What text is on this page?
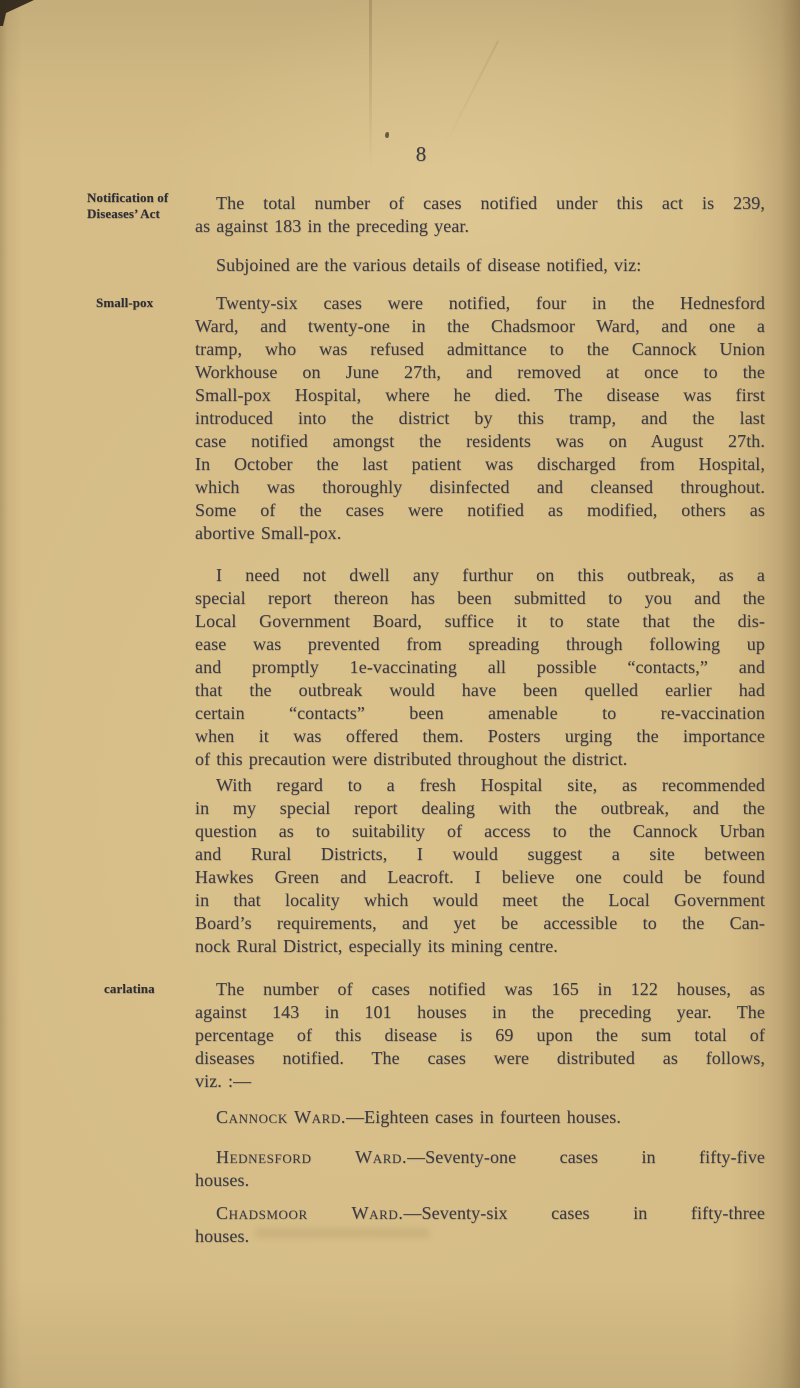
8
Notification of
Diseases’ Act
Small-pox
carlatina
The total number of cases notified under this act is 239,
as against 183 in the preceding year.
Subjoined are the various details of disease notified, viz:
Twenty-six cases were notified, four in the Hednesford
Ward, and twenty-one in the Chadsmoor Ward, and one a
tramp, who was refused admittance to the Cannock Union
Workhouse on June 27th, and removed at once to the
Small-pox Hospital, where he died. The disease was first
introduced into the district by this tramp, and the last
case notified amongst the residents was on August 27th.
In October the last patient was discharged from Hospital,
which was thoroughly disinfected and cleansed throughout.
Some of the cases were notified as modified, others as
abortive Small-pox.
I need not dwell any furthur on this outbreak, as a
special report thereon has been submitted to you and the
Local Government Board, suffice it to state that the dis-
ease was prevented from spreading through following up
and promptly 1e-vaccinating all possible “contacts,” and
that the outbreak would have been quelled earlier had
certain “contacts” been amenable to re-vaccination
when it was offered them. Posters urging the importance
of this precaution were distributed throughout the district.
With regard to a fresh Hospital site, as recommended
in my special report dealing with the outbreak, and the
question as to suitability of access to the Cannock Urban
and Rural Districts, I would suggest a site between
Hawkes Green and Leacroft. I believe one could be found
in that locality which would meet the Local Government
Board’s requirements, and yet be accessible to the Can-
nock Rural District, especially its mining centre.
The number of cases notified was 165 in 122 houses, as
against 143 in 101 houses in the preceding year. The
percentage of this disease is 69 upon the sum total of
diseases notified. The cases were distributed as follows,
viz. :—
Cannock Ward.—Eighteen cases in fourteen houses.
Hednesford Ward.—Seventy-one cases in fifty-five
houses.
Chadsmoor Ward.—Seventy-six cases in fifty-three
houses.
